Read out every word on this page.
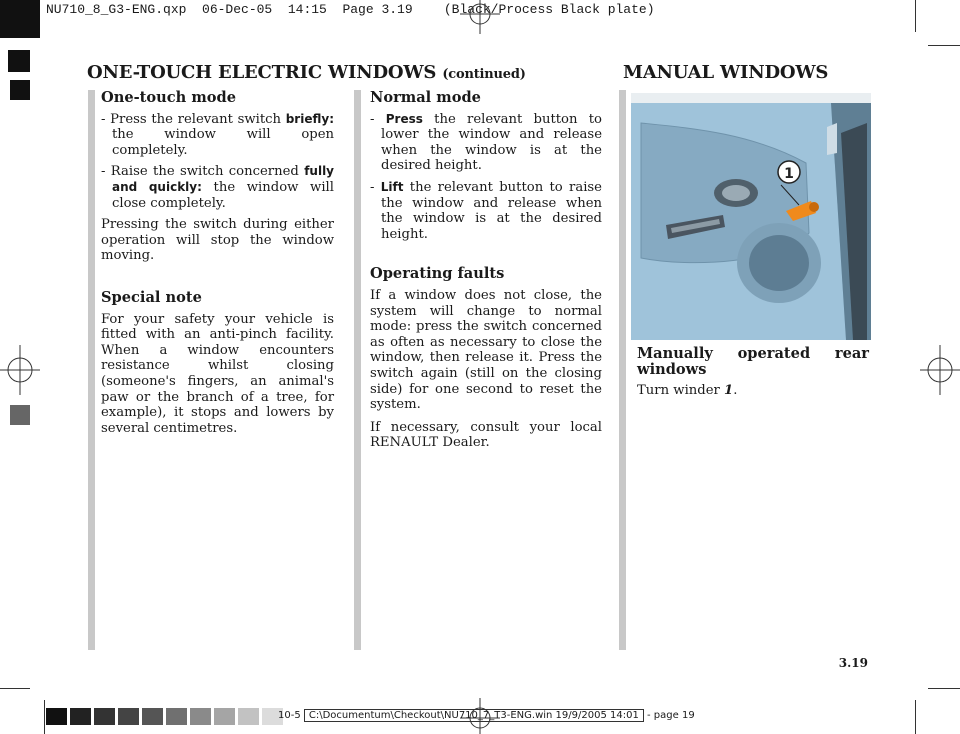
NU710_8_G3-ENG.qxp  06-Dec-05  14:15  Page 3.19    (Black/Process Black plate)
ONE-TOUCH ELECTRIC WINDOWS (continued)	MANUAL WINDOWS
One-touch mode

- Press the relevant switch briefly: the window will open completely.

- Raise the switch concerned fully and quickly: the window will close completely.

Pressing the switch during either operation will stop the window moving.

Special note

For your safety your vehicle is fitted with an anti-pinch facility. When a window encounters resistance whilst closing (someone's fingers, an animal's paw or the branch of a tree, for example), it stops and lowers by several centimetres.

Normal mode

- Press the relevant button to lower the window and release when the window is at the desired height.

- Lift the relevant button to raise the window and release when the window is at the desired height.

Operating faults

If a window does not close, the system will change to normal mode: press the switch concerned as often as necessary to close the window, then release it. Press the switch again (still on the closing side) for one second to reset the system.

If necessary, consult your local RENAULT Dealer.

1
Manually operated rear
windows

Turn winder 1.

3.19
10-5 C:\Documentum\Checkout\NU710_7_T3-ENG.win 19/9/2005 14:01 - page 19
